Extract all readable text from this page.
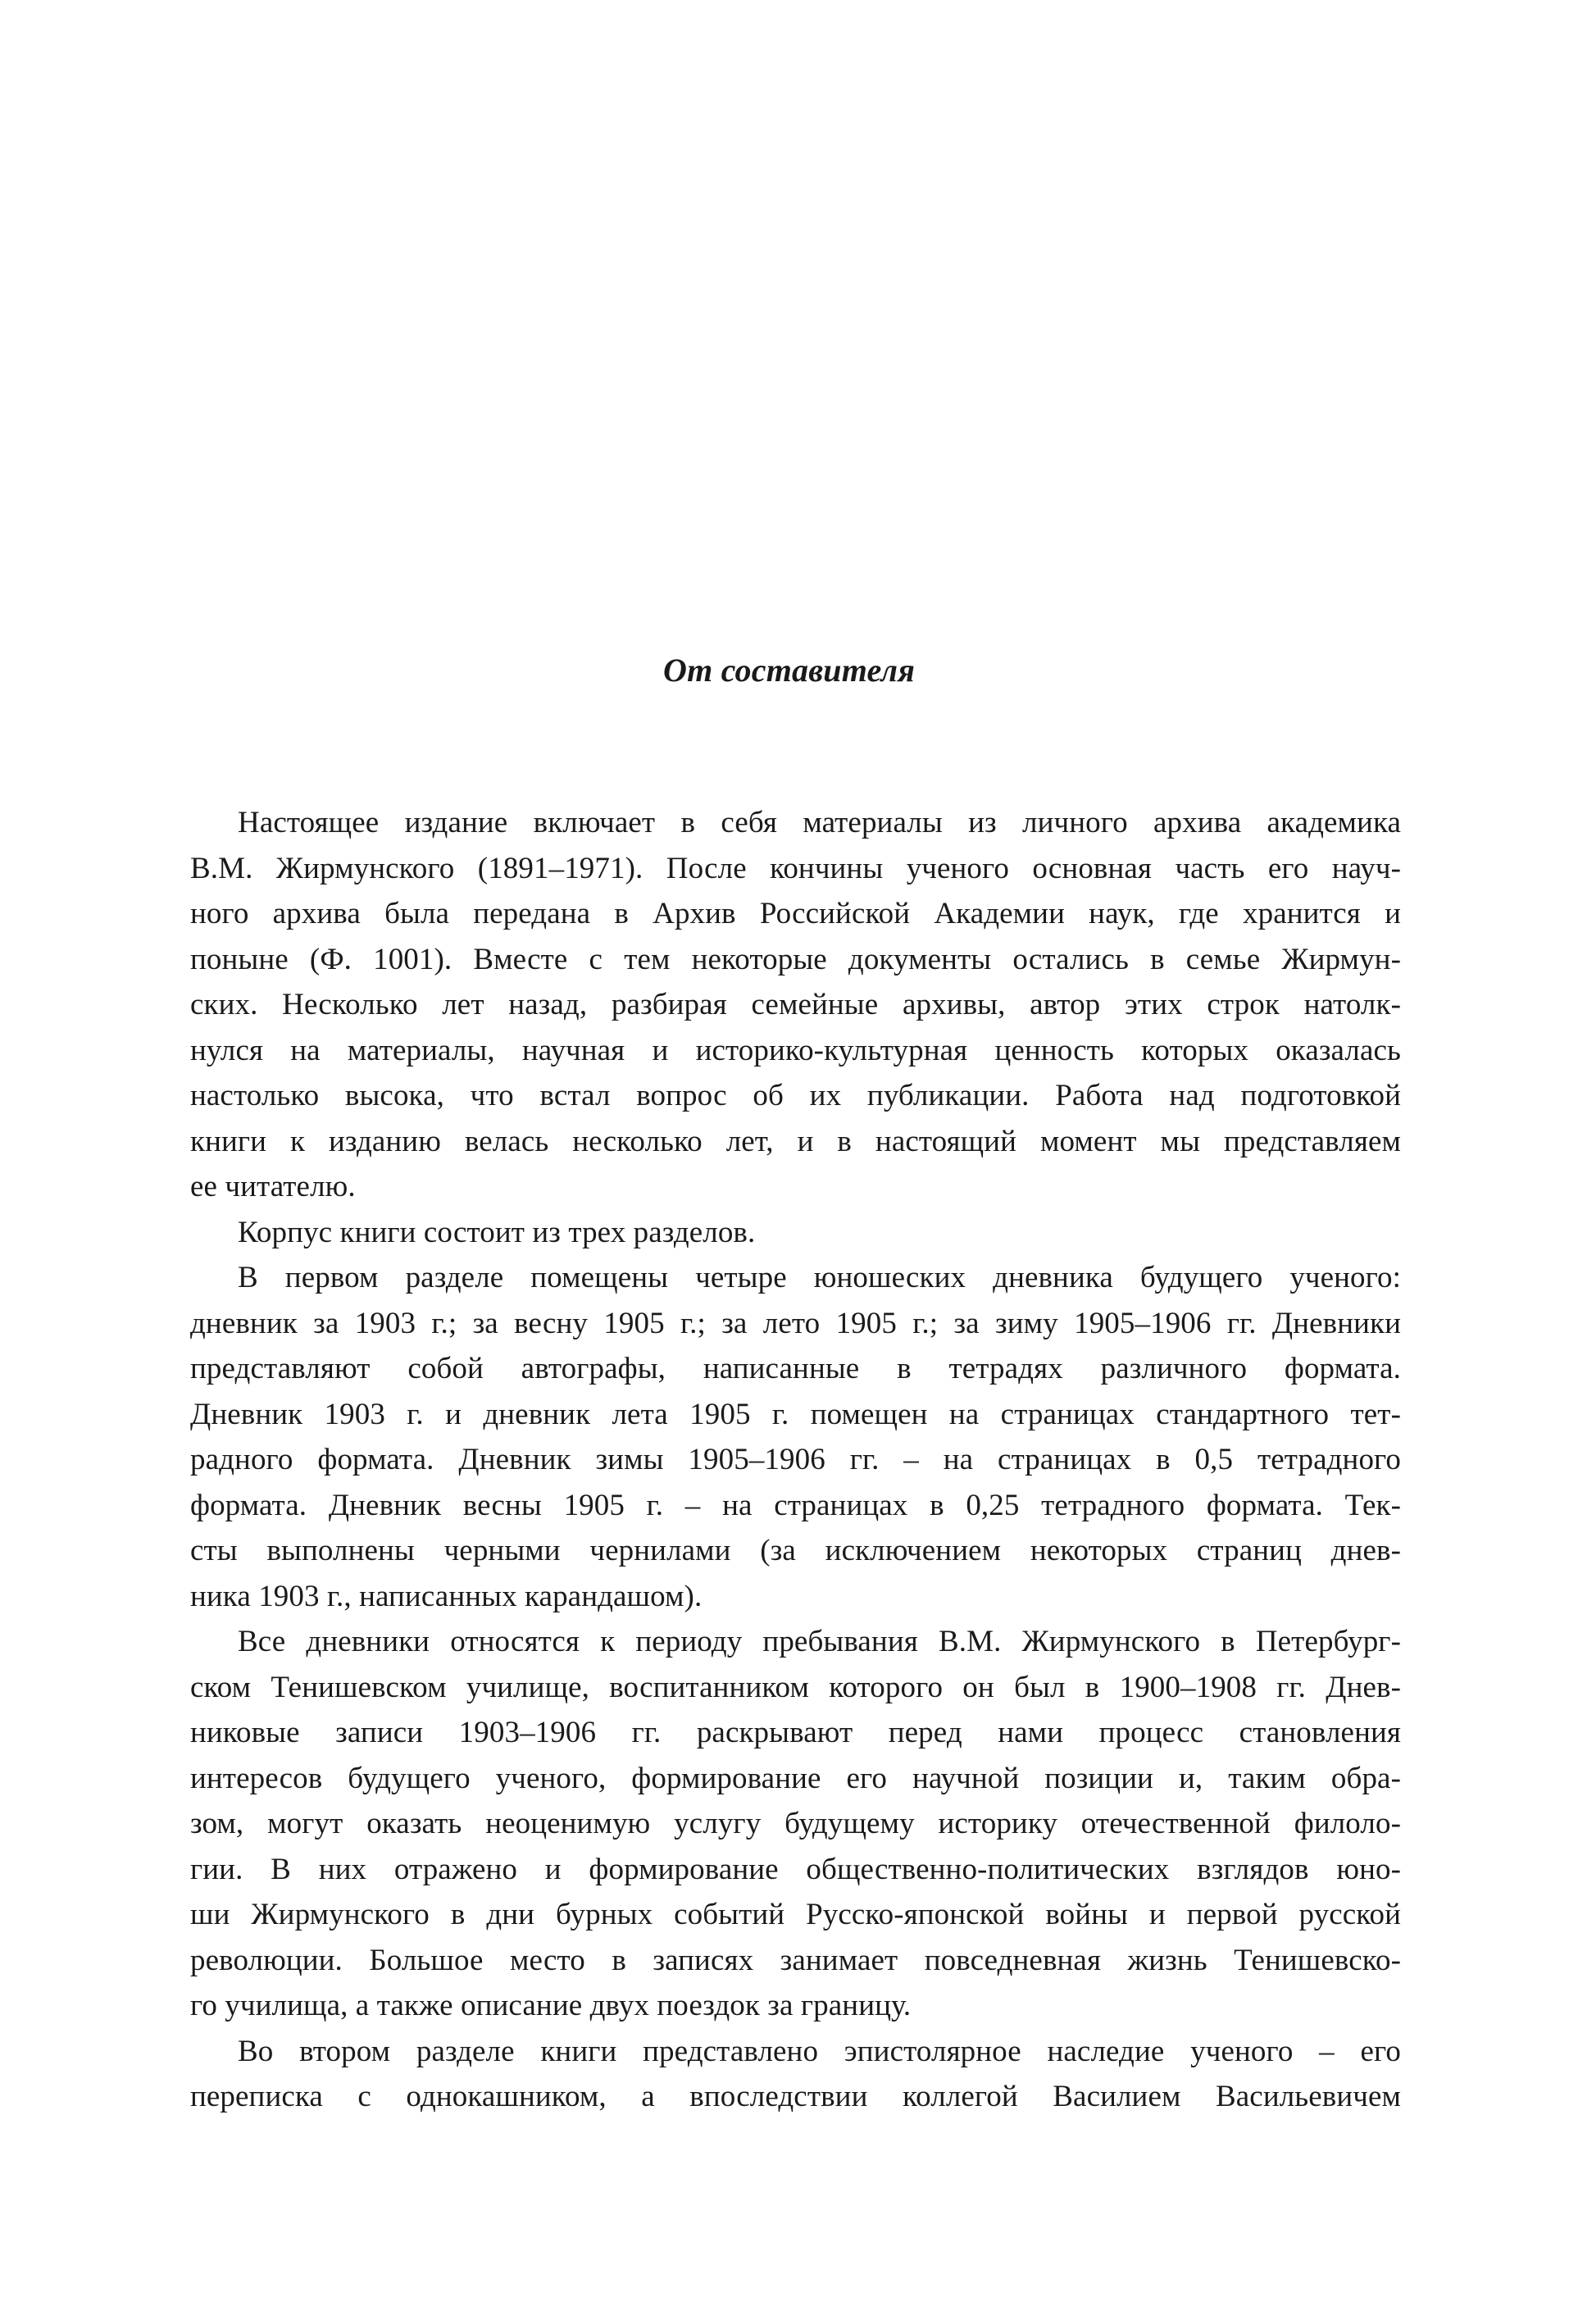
От составителя
Настоящее издание включает в себя материалы из личного архива академика
В.М. Жирмунского (1891–1971). После кончины ученого основная часть его науч-
ного архива была передана в Архив Российской Академии наук, где хранится и
поныне (Ф. 1001). Вместе с тем некоторые документы остались в семье Жирмун-
ских. Несколько лет назад, разбирая семейные архивы, автор этих строк натолк-
нулся на материалы, научная и историко-культурная ценность которых оказалась
настолько высока, что встал вопрос об их публикации. Работа над подготовкой
книги к изданию велась несколько лет, и в настоящий момент мы представляем
ее читателю.
Корпус книги состоит из трех разделов.
В первом разделе помещены четыре юношеских дневника будущего ученого:
дневник за 1903 г.; за весну 1905 г.; за лето 1905 г.; за зиму 1905–1906 гг. Дневники
представляют собой автографы, написанные в тетрадях различного формата.
Дневник 1903 г. и дневник лета 1905 г. помещен на страницах стандартного тет-
радного формата. Дневник зимы 1905–1906 гг. – на страницах в 0,5 тетрадного
формата. Дневник весны 1905 г. – на страницах в 0,25 тетрадного формата. Тек-
сты выполнены черными чернилами (за исключением некоторых страниц днев-
ника 1903 г., написанных карандашом).
Все дневники относятся к периоду пребывания В.М. Жирмунского в Петербург-
ском Тенишевском училище, воспитанником которого он был в 1900–1908 гг. Днев-
никовые записи 1903–1906 гг. раскрывают перед нами процесс становления
интересов будущего ученого, формирование его научной позиции и, таким обра-
зом, могут оказать неоценимую услугу будущему историку отечественной филоло-
гии. В них отражено и формирование общественно-политических взглядов юно-
ши Жирмунского в дни бурных событий Русско-японской войны и первой русской
революции. Большое место в записях занимает повседневная жизнь Тенишевско-
го училища, а также описание двух поездок за границу.
Во втором разделе книги представлено эпистолярное наследие ученого – его
переписка с однокашником, а впоследствии коллегой Василием Васильевичем
